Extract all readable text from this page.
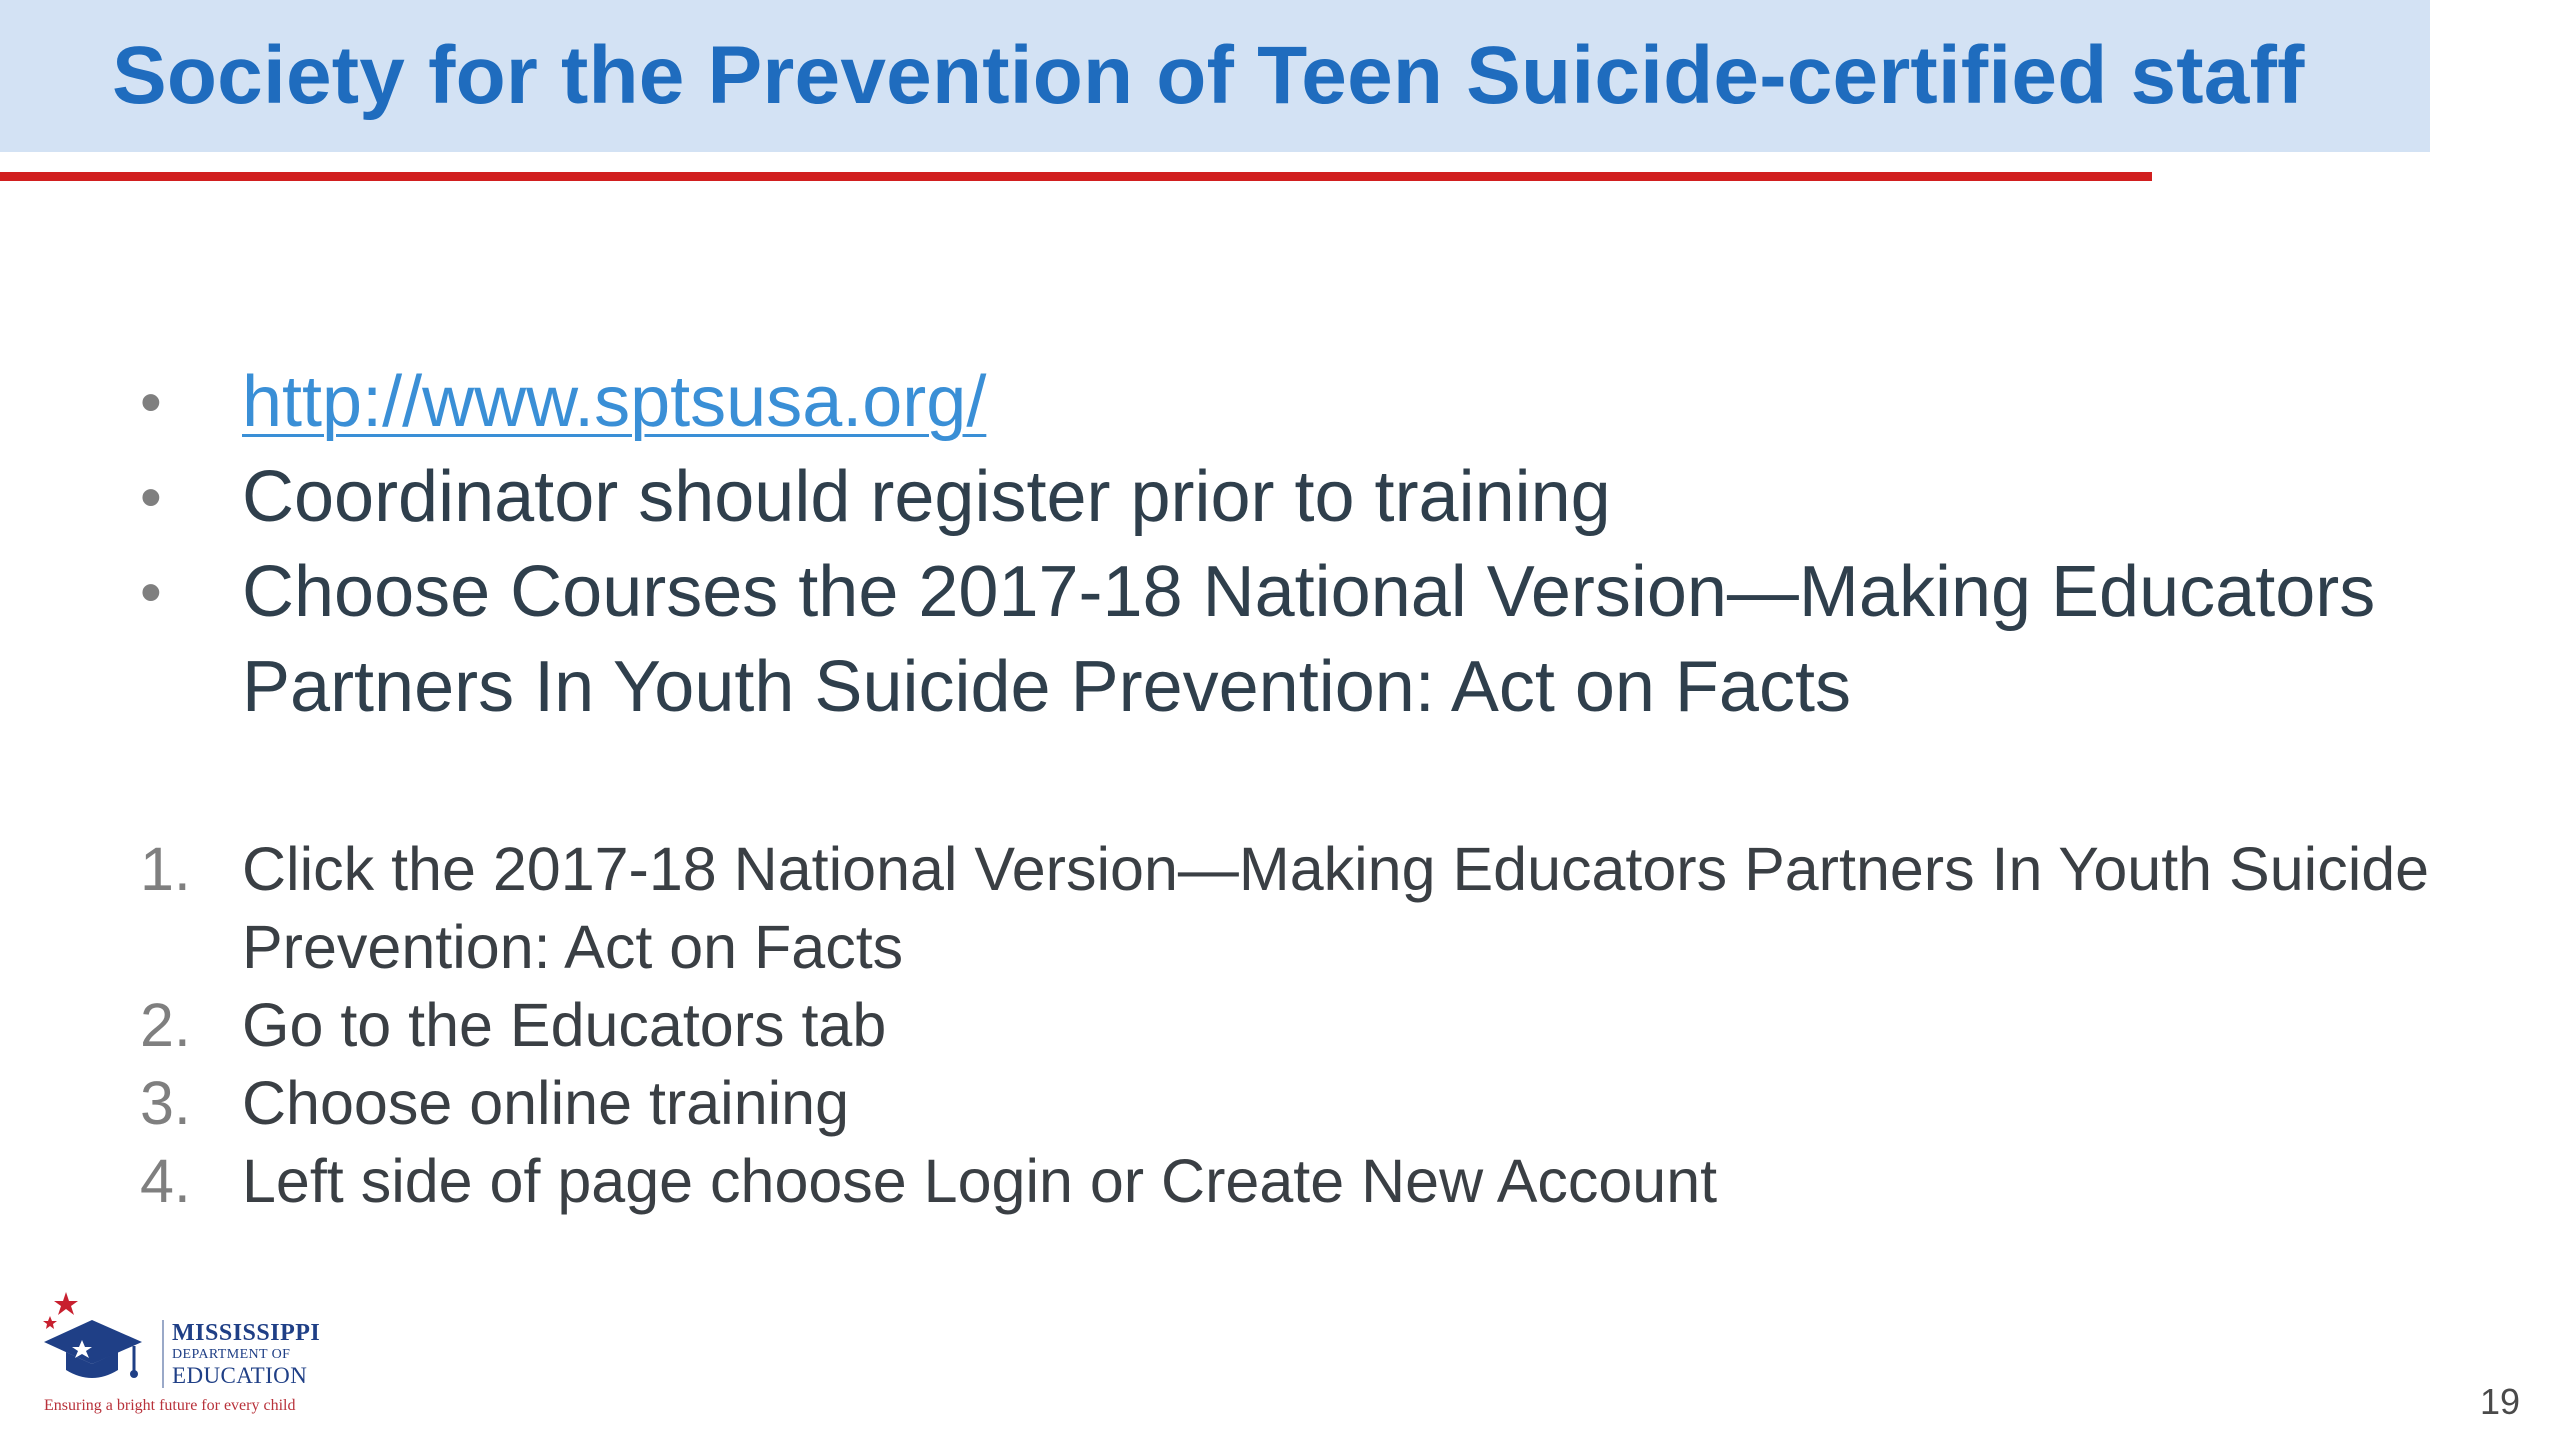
Society for the Prevention of Teen Suicide-certified staff
• http://www.sptsusa.org/
• Coordinator should register prior to training
• Choose Courses the 2017-18 National Version—Making Educators Partners In Youth Suicide Prevention: Act on Facts
1. Click the 2017-18 National Version—Making Educators Partners In Youth Suicide Prevention: Act on Facts
2. Go to the Educators tab
3. Choose online training
4. Left side of page choose Login or Create New Account
MISSISSIPPI
DEPARTMENT OF
EDUCATION
Ensuring a bright future for every child	19
